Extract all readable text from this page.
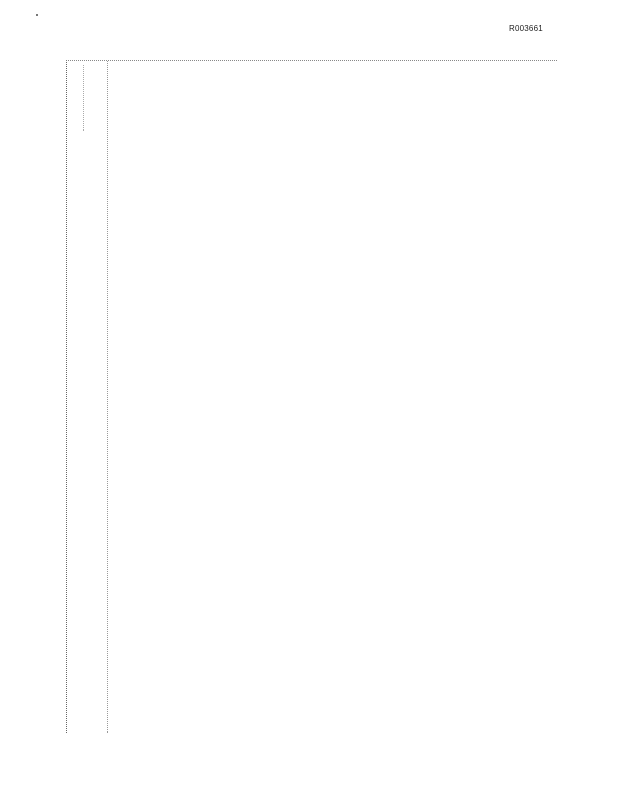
R003661
